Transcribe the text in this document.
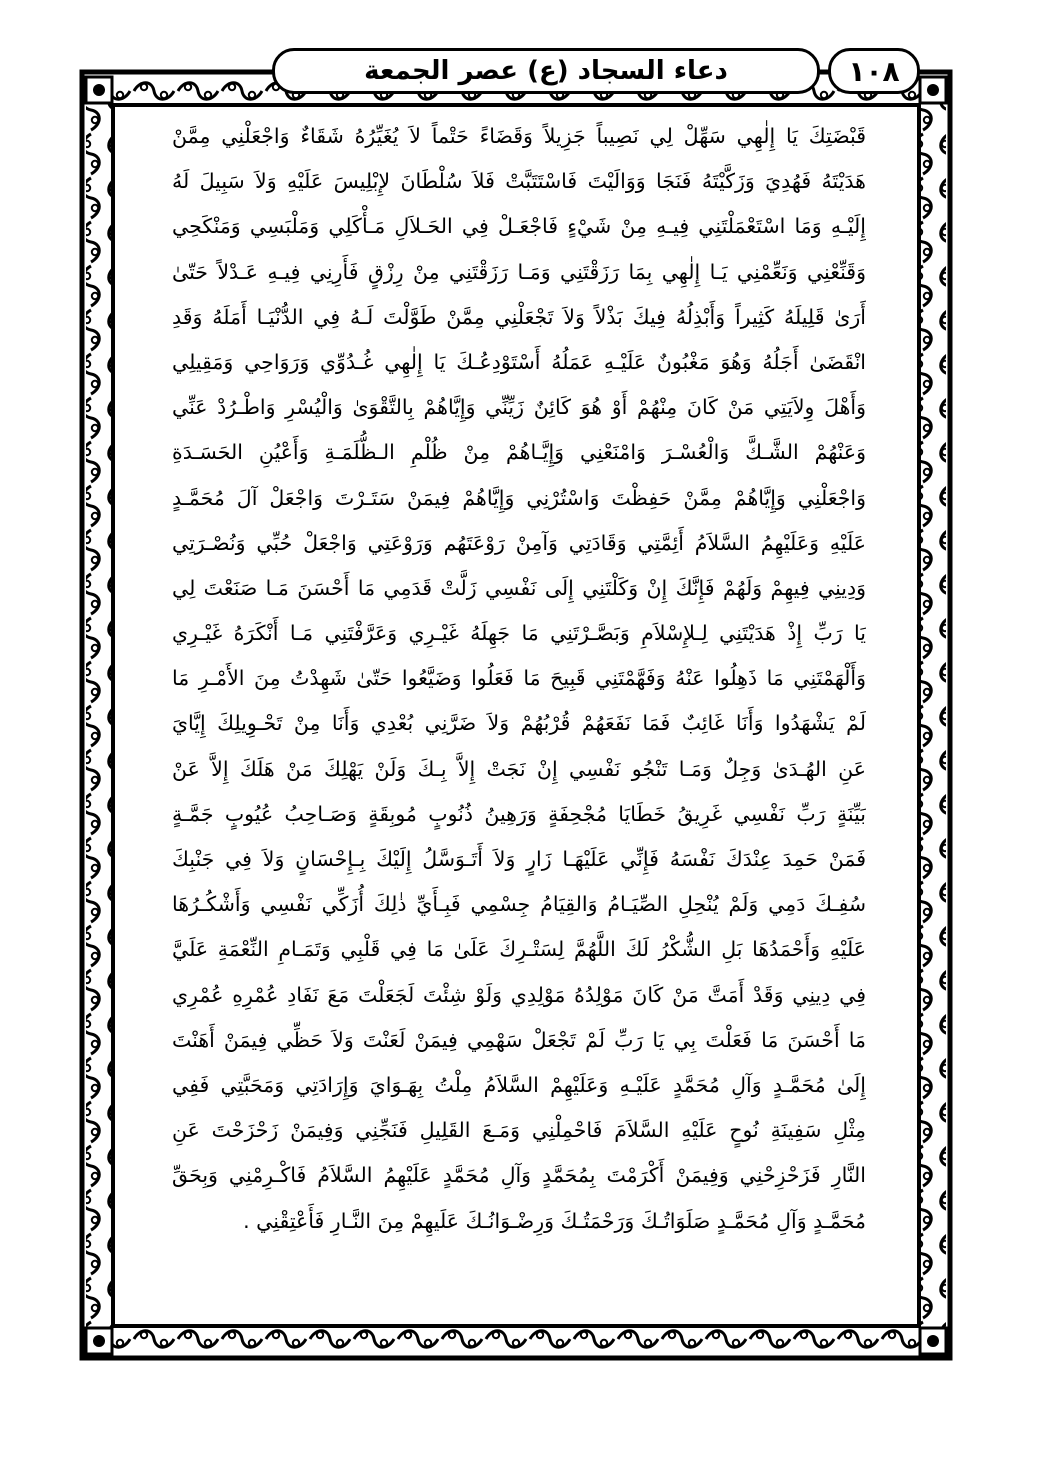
١٠٨
دعاء السجاد (ع) عصر الجمعة
قَبْضَتِكَ يَا إِلٰهِي سَهِّلْ لِي نَصِيباً جَزِيلاً وَقَضَاءً حَتْماً لاَ يُغَيِّرُهُ شَقَاءٌ وَاجْعَلْنِي مِمَّنْ
هَدَيْتَهُ فَهُدِيَ وَزَكَّيْتَهُ فَنَجَا وَوَالَيْتَ فَاسْتَتَبَّتْ فَلاَ سُلْطَانَ لإِبْلِيسَ عَلَيْهِ وَلاَ سَبِيلَ لَهُ
إِلَيْـهِ وَمَا اسْتَعْمَلْتَنِي فِيـهِ مِنْ شَيْءٍ فَاجْعَـلْ فِي الحَـلاَلِ مَـأْكَلِي وَمَلْبَسِي وَمَنْكَحِي
وَقَنِّعْنِي وَنَعِّمْنِي يَـا إِلٰهِي بِمَا رَزَقْتَنِي وَمَـا رَزَقْتَنِي مِنْ رِزْقٍ فَأَرِنِي فِيـهِ عَـدْلاً حَتّىٰ
أَرَىٰ قَلِيلَهُ كَثِيراً وَأَبْذِلُهُ فِيكَ بَذْلاً وَلاَ تَجْعَلْنِي مِمَّنْ طَوَّلْتَ لَـهُ فِي الدُّنْيَـا أَمَلَهُ وَقَدِ
انْقَضَىٰ أَجَلُهُ وَهُوَ مَغْبُونٌ عَلَيْـهِ عَمَلُهُ أَسْتَوْدِعُـكَ يَا إِلٰهِي غُـدُوِّي وَرَوَاحِي وَمَقِيلِي
وَأَهْلَ وِلاَيَتِي مَنْ كَانَ مِنْهُمْ أَوْ هُوَ كَائِنٌ زَيِّنِّي وَإِيَّاهُمْ بِالتَّقْوَىٰ وَالْيُسْرِ وَاطْـرُدْ عَنِّي
وَعَنْهُمْ الشَّـكَّ وَالْعُسْـرَ وَامْنَعْنِي وَإِيَّـاهُمْ مِنْ ظُلْمِ الـظُّلَمَـةِ وَأَعْيُنِ الحَسَـدَةِ
وَاجْعَلْنِي وَإِيَّاهُمْ مِمَّنْ حَفِظْتَ وَاسْتُرْنِي وَإِيَّاهُمْ فِيمَنْ سَتَـرْتَ وَاجْعَلْ آلَ مُحَمَّـدٍ
عَلَيْهِ وَعَلَيْهِمُ السَّلاَمُ أَئِمَّتِي وَقَادَتِي وَآمِنْ رَوْعَتَهُم وَرَوْعَتِي وَاجْعَلْ حُبِّي وَنُصْـرَتِي
وَدِينِي فِيهِمْ وَلَهُمْ فَإِنَّكَ إِنْ وَكَلْتَنِي إِلَى نَفْسِي زَلَّتْ قَدَمِي مَا أَحْسَنَ مَـا صَنَعْتَ لِي
يَا رَبِّ إِذْ هَدَيْتَنِي لِـلإِسْلاَمِ وَبَصَّـرْتَنِي مَا جَهِلَهُ غَيْـرِي وَعَرَّفْتَنِي مَـا أَنْكَرَهُ غَيْـرِي
وَأَلْهَمْتَنِي مَا ذَهِلُوا عَنْهُ وَفَهَّمْتَنِي قَبِيحَ مَا فَعَلُوا وَضَيَّعُوا حَتّىٰ شَهِدْتُ مِنَ الأَمْـرِ مَا
لَمْ يَشْهَدُوا وَأَنَا غَائِبٌ فَمَا نَفَعَهُمْ قُرْبُهُمْ وَلاَ ضَرَّنِي بُعْدِي وَأَنَا مِنْ تَحْـوِيلِكَ إِيَّايَ
عَنِ الهُـدَىٰ وَجِلٌ وَمَـا تَنْجُو نَفْسِي إِنْ نَجَتْ إِلاَّ بِـكَ وَلَنْ يَهْلِكَ مَنْ هَلَكَ إِلاَّ عَنْ
بَيِّنَةٍ رَبِّ نَفْسِي غَرِيقُ خَطَايَا مُجْحِفَةٍ وَرَهِينُ ذُنُوبٍ مُوبِقَةٍ وَصَـاحِبُ عُيُوبٍ جَمَّـةٍ
فَمَنْ حَمِدَ عِنْدَكَ نَفْسَهُ فَإِنِّي عَلَيْهَـا زَارٍ وَلاَ أَتَـوَسَّلُ إِلَيْكَ بِـإِحْسَانٍ وَلاَ فِي جَنْبِكَ
سُفِـكَ دَمِي وَلَمْ يُنْحِلِ الصِّيَـامُ وَالقِيَامُ جِسْمِي فَبِـأَيِّ ذٰلِكَ أُزَكِّي نَفْسِي وَأَشْكُـرُهَا
عَلَيْهِ وَأَحْمَدُهَا بَلِ الشُّكْرُ لَكَ اللَّهُمَّ لِسَتْـرِكَ عَلَىٰ مَا فِي قَلْبِي وَتَمَـامِ النِّعْمَةِ عَلَيَّ
فِي دِينِي وَقَدْ أَمَتَّ مَنْ كَانَ مَوْلِدُهُ مَوْلِدِي وَلَوْ شِئْتَ لَجَعَلْتَ مَعَ نَفَادِ عُمْرِهِ عُمْرِي
مَا أَحْسَنَ مَا فَعَلْتَ بِي يَا رَبِّ لَمْ تَجْعَلْ سَهْمِي فِيمَنْ لَعَنْتَ وَلاَ حَظِّي فِيمَنْ أَهَنْتَ
إِلَىٰ مُحَمَّـدٍ وَآلِ مُحَمَّدٍ عَلَيْـهِ وَعَلَيْهِمْ السَّلاَمُ مِلْتُ بِهَـوَايَ وَإِرَادَتِي وَمَحَبَّتِي فَفِي
مِثْلِ سَفِينَةِ نُوحٍ عَلَيْهِ السَّلاَمَ فَاحْمِلْنِي وَمَـعَ القَلِيلِ فَنَجِّنِي وَفِيمَنْ زَحْزَحْتَ عَنِ
النَّارِ فَزَحْزِحْنِي وَفِيمَنْ أَكْرَمْتَ بِمُحَمَّدٍ وَآلِ مُحَمَّدٍ عَلَيْهِمُ السَّلاَمُ فَاكْـرِمْنِي وَبِحَقِّ
مُحَمَّـدٍ وَآلِ مُحَمَّـدٍ صَلَوَاتُـكَ وَرَحْمَتُـكَ وَرِضْـوَانُـكَ عَلَيهِمْ مِنَ النَّـارِ فَأَعْتِقْنِي .
